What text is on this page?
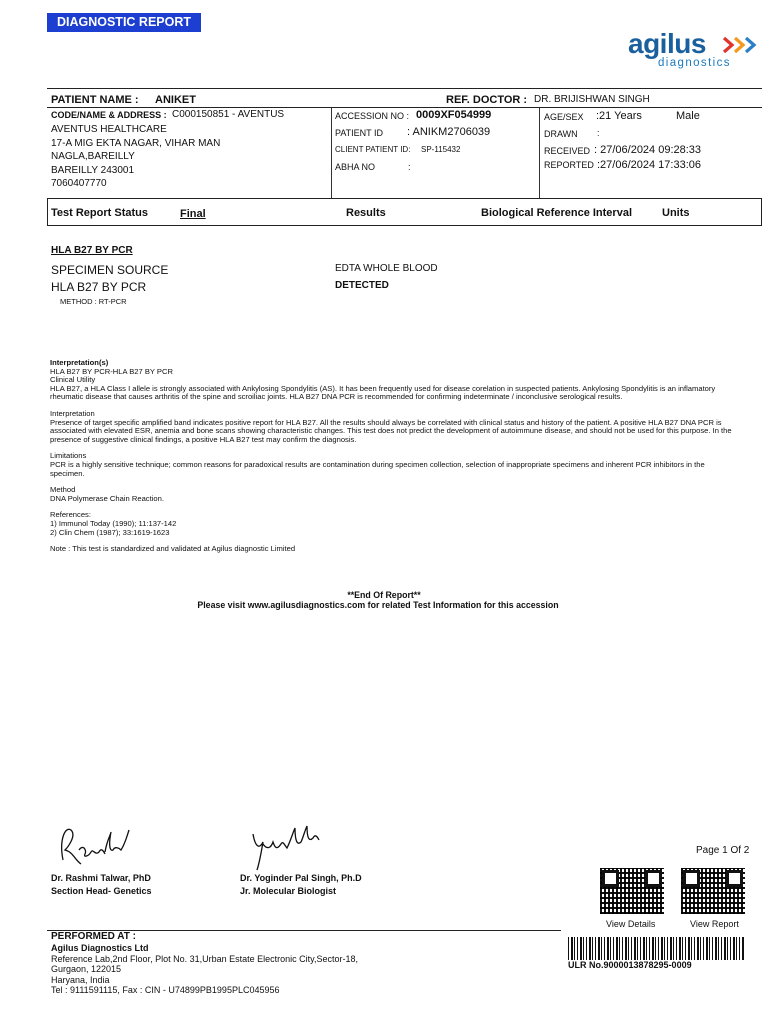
DIAGNOSTIC REPORT
agilus
diagnostics
PATIENT NAME : ANIKET	REF. DOCTOR : DR. BRIJISHWAN SINGH
CODE/NAME & ADDRESS : C000150851 - AVENTUS
AVENTUS HEALTHCARE
17-A MIG EKTA NAGAR, VIHAR MAN
NAGLA,BAREILLY
BAREILLY 243001
7060407770
ACCESSION NO : 0009XF054999
PATIENT ID : ANIKM2706039
CLIENT PATIENT ID: SP-115432
ABHA NO	:
AGE/SEX :21 Years	Male
DRAWN :
RECEIVED : 27/06/2024 09:28:33
REPORTED :27/06/2024 17:33:06
Test Report Status	Final	Results	Biological Reference Interval	Units
HLA B27 BY PCR
SPECIMEN SOURCE	EDTA WHOLE BLOOD
HLA B27 BY PCR	DETECTED
METHOD : RT-PCR

Interpretation(s)

HLA B27 BY PCR-HLA B27 BY PCR

Clinical Utility

HLA B27, a HLA Class I allele is strongly associated with Ankylosing Spondylitis (AS). It has been frequently used for disease corelation in suspected patients. Ankylosing Spondylitis is an inflamatory rheumatic disease that causes arthritis of the spine and scroiliac joints. HLA B27 DNA PCR is recommended for confirming indeterminate / inconclusive serological results.

Interpretation

Presence of target specific amplified band indicates positive report for HLA B27. All the results should always be correlated with clinical status and history of the patient. A positive HLA B27 DNA PCR is associated with elevated ESR, anemia and bone scans showing characteristic changes. This test does not predict the development of autoimmune disease, and should not be used for this purpose. In the presence of suggestive clinical findings, a positive HLA B27 test may confirm the diagnosis.

Limitations

PCR is a highly sensitive technique; common reasons for paradoxical results are contamination during specimen collection, selection of inappropriate specimens and inherent PCR inhibitors in the specimen.

Method

DNA Polymerase Chain Reaction.

References:

1) Immunol Today (1990); 11:137-142

2) Clin Chem (1987); 33:1619-1623

Note : This test is standardized and validated at Agilus diagnostic Limited

**End Of Report**
Please visit www.agilusdiagnostics.com for related Test Information for this accession
Dr. Rashmi Talwar, PhD
Section Head- Genetics
Dr. Yoginder Pal Singh, Ph.D
Jr. Molecular Biologist
Page 1 Of 2
View Details	View Report
PERFORMED AT :
Agilus Diagnostics Ltd
Reference Lab,2nd Floor, Plot No. 31,Urban Estate Electronic City,Sector-18,
Gurgaon, 122015
Haryana, India
Tel : 9111591115, Fax : CIN - U74899PB1995PLC045956
ULR No.9000013878295-0009
